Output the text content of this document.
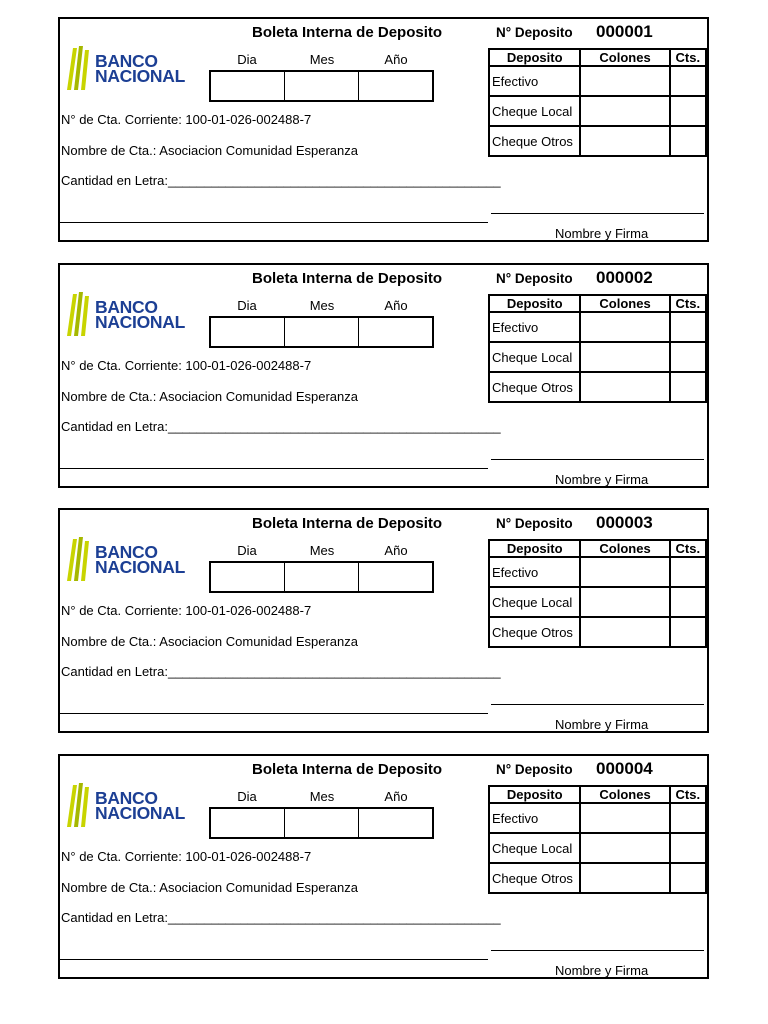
Boleta Interna de Deposito	N° Deposito 000001
BANCO
NACIONAL
Dia	Mes	Año
N° de Cta. Corriente: 100-01-026-002488-7
Nombre de Cta.: Asociacion Comunidad Esperanza
Cantidad en Letra:______________________________________________
Nombre y Firma
Deposito	Colones	Cts.
Efectivo		
Cheque Local		
Cheque Otros		
Boleta Interna de Deposito	N° Deposito 000002
BANCO
NACIONAL
Dia	Mes	Año
N° de Cta. Corriente: 100-01-026-002488-7
Nombre de Cta.: Asociacion Comunidad Esperanza
Cantidad en Letra:______________________________________________
Nombre y Firma
Deposito	Colones	Cts.
Efectivo		
Cheque Local		
Cheque Otros		
Boleta Interna de Deposito	N° Deposito 000003
BANCO
NACIONAL
Dia	Mes	Año
N° de Cta. Corriente: 100-01-026-002488-7
Nombre de Cta.: Asociacion Comunidad Esperanza
Cantidad en Letra:______________________________________________
Nombre y Firma
Deposito	Colones	Cts.
Efectivo		
Cheque Local		
Cheque Otros		
Boleta Interna de Deposito	N° Deposito 000004
BANCO
NACIONAL
Dia	Mes	Año
N° de Cta. Corriente: 100-01-026-002488-7
Nombre de Cta.: Asociacion Comunidad Esperanza
Cantidad en Letra:______________________________________________
Nombre y Firma
Deposito	Colones	Cts.
Efectivo		
Cheque Local		
Cheque Otros		
